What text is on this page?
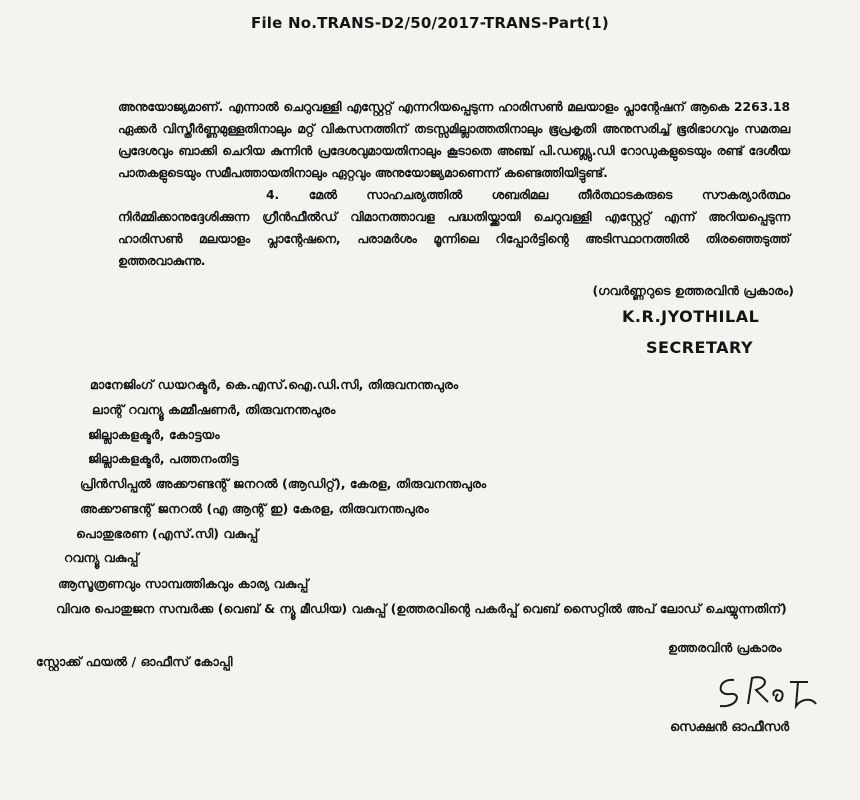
File No.TRANS-D2/50/2017-TRANS-Part(1)

അനുയോജ്യമാണ്. എന്നാൽ ചെറുവള്ളി എസ്റ്റേറ്റ് എന്നറിയപ്പെടുന്ന ഹാരിസൺ മലയാളം പ്ലാന്റേഷന് ആകെ 2263.18 ഏക്കർ വിസ്തീർണ്ണമുള്ളതിനാലും മറ്റ് വികസനത്തിന് തടസ്സമില്ലാത്തതിനാലും ഭൂപ്രകൃതി അനുസരിച്ച് ഭൂരിഭാഗവും സമതല പ്രദേശവും ബാക്കി ചെറിയ കുന്നിൻ പ്രദേശവുമായതിനാലും കൂടാതെ അഞ്ച് പി.ഡബ്ല്യു.ഡി റോഡുകളുടെയും രണ്ട് ദേശീയ പാതകളുടെയും സമീപത്തായതിനാലും ഏറ്റവും അനുയോജ്യമാണെന്ന് കണ്ടെത്തിയിട്ടുണ്ട്.

4. മേൽ സാഹചര്യത്തിൽ ശബരിമല തീർത്ഥാടകരുടെ സൗകര്യാർത്ഥം നിർമ്മിക്കാനുദ്ദേശിക്കുന്ന ഗ്രീൻഫീൽഡ് വിമാനത്താവള പദ്ധതിയ്ക്കായി ചെറുവള്ളി എസ്റ്റേറ്റ് എന്ന് അറിയപ്പെടുന്ന ഹാരിസൺ മലയാളം പ്ലാന്റേഷനെ, പരാമർശം മൂന്നിലെ റിപ്പോർട്ടിന്റെ അടിസ്ഥാനത്തിൽ തിരഞ്ഞെടുത്ത് ഉത്തരവാകുന്നു.

(ഗവർണ്ണറുടെ ഉത്തരവിൻ പ്രകാരം)
K.R.JYOTHILAL
SECRETARY
മാനേജിംഗ് ഡയറക്ടർ, കെ.എസ്.ഐ.ഡി.സി, തിരുവനന്തപുരം
ലാന്റ് റവന്യൂ കമ്മീഷണർ, തിരുവനന്തപുരം
ജില്ലാകളക്ടർ, കോട്ടയം
ജില്ലാകളക്ടർ, പത്തനംതിട്ട
പ്രിൻസിപ്പൽ അക്കൗണ്ടന്റ് ജനറൽ (ആഡിറ്റ്), കേരള, തിരുവനന്തപുരം
അക്കൗണ്ടന്റ് ജനറൽ (എ ആന്റ് ഇ) കേരള, തിരുവനന്തപുരം
പൊതുഭരണ (എസ്.സി) വകുപ്പ്
റവന്യൂ വകുപ്പ്
ആസൂത്രണവും സാമ്പത്തികവും കാര്യ വകുപ്പ്
വിവര പൊതുജന സമ്പർക്ക (വെബ് & ന്യൂ മീഡിയ) വകുപ്പ് (ഉത്തരവിന്റെ പകർപ്പ് വെബ് സൈറ്റിൽ അപ് ലോഡ് ചെയ്യുന്നതിന്)
സ്റ്റോക്ക് ഫയൽ / ഓഫീസ് കോപ്പി
ഉത്തരവിൻ പ്രകാരം
സെക്ഷൻ ഓഫീസർ
